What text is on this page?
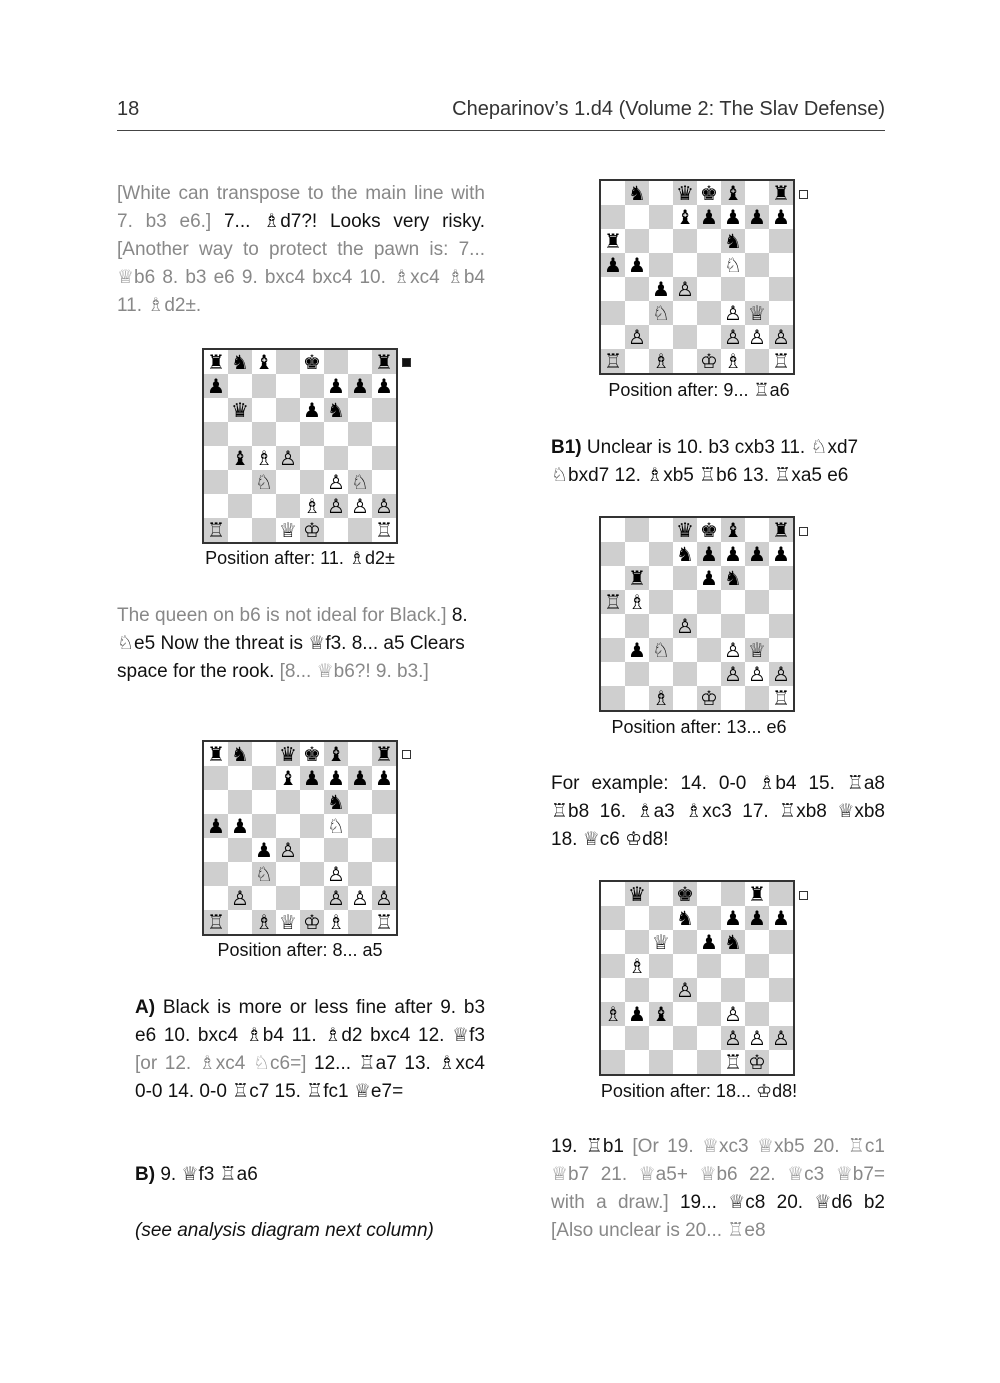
18	Cheparinov’s 1.d4 (Volume 2: The Slav Defense)

[White can transpose to the main line with 7. b3 e6.] 7... ♗d7?! Looks very risky. [Another way to protect the pawn is: 7... ♕b6 8. b3 e6 9. bxc4 bxc4 10. ♗xc4 ♗b4 11. ♗d2±.

♜ ♞ ♝ ♚	♜
♟	♟ ♟ ♟
♛	♟ ♞
♝ ♗ ♙
♘	♙ ♘
♗ ♙ ♙ ♙
♖	♕ ♔	♖
Position after: 11. ♗d2±

The queen on b6 is not ideal for Black.] 8. ♘e5 Now the threat is ♕f3. 8... a5 Clears space for the rook. [8... ♕b6?! 9. b3.]

♜ ♞ ♛ ♚ ♝ ♜
♝ ♟ ♟ ♟ ♟
♞
♟ ♟	♘
♟ ♙
♘	♙
♙	♙ ♙ ♙
♖ ♗ ♕ ♔ ♗ ♖
Position after: 8... a5

A) Black is more or less fine after 9. b3 e6 10. bxc4 ♗b4 11. ♗d2 bxc4 12. ♕f3 [or 12. ♗xc4 ♘c6=] 12... ♖a7 13. ♗xc4 0-0 14. 0-0 ♖c7 15. ♖fc1 ♕e7=

B) 9. ♕f3 ♖a6

(see analysis diagram next column)
♞ ♛ ♚ ♝ ♜
♝ ♟ ♟ ♟ ♟
♜	♞
♟ ♟	♘
♟ ♙
♘	♙ ♕
♙	♙ ♙ ♙
♖ ♗ ♔ ♗ ♖
Position after: 9... ♖a6

B1) Unclear is 10. b3 cxb3 11. ♘xd7 ♘bxd7 12. ♗xb5 ♖b6 13. ♖xa5 e6

♛ ♚ ♝ ♜
♞ ♟ ♟ ♟ ♟
♜	♟ ♞
♖ ♗
♙
♟ ♘	♙ ♕
♙ ♙ ♙
♗ ♔	♖
Position after: 13... e6

For example: 14. 0-0 ♗b4 15. ♖a8 ♖b8 16. ♗a3 ♗xc3 17. ♖xb8 ♕xb8 18. ♕c6 ♔d8!

♛ ♚	♜
♞ ♟ ♟ ♟
♕ ♟ ♞
♗
♙
♗ ♟ ♝	♙
♙ ♙ ♙
♖ ♔
Position after: 18... ♔d8!

19. ♖b1 [Or 19. ♕xc3 ♕xb5 20. ♖c1 ♕b7 21. ♕a5+ ♕b6 22. ♕c3 ♕b7= with a draw.] 19... ♕c8 20. ♕d6 b2 [Also unclear is 20... ♖e8
